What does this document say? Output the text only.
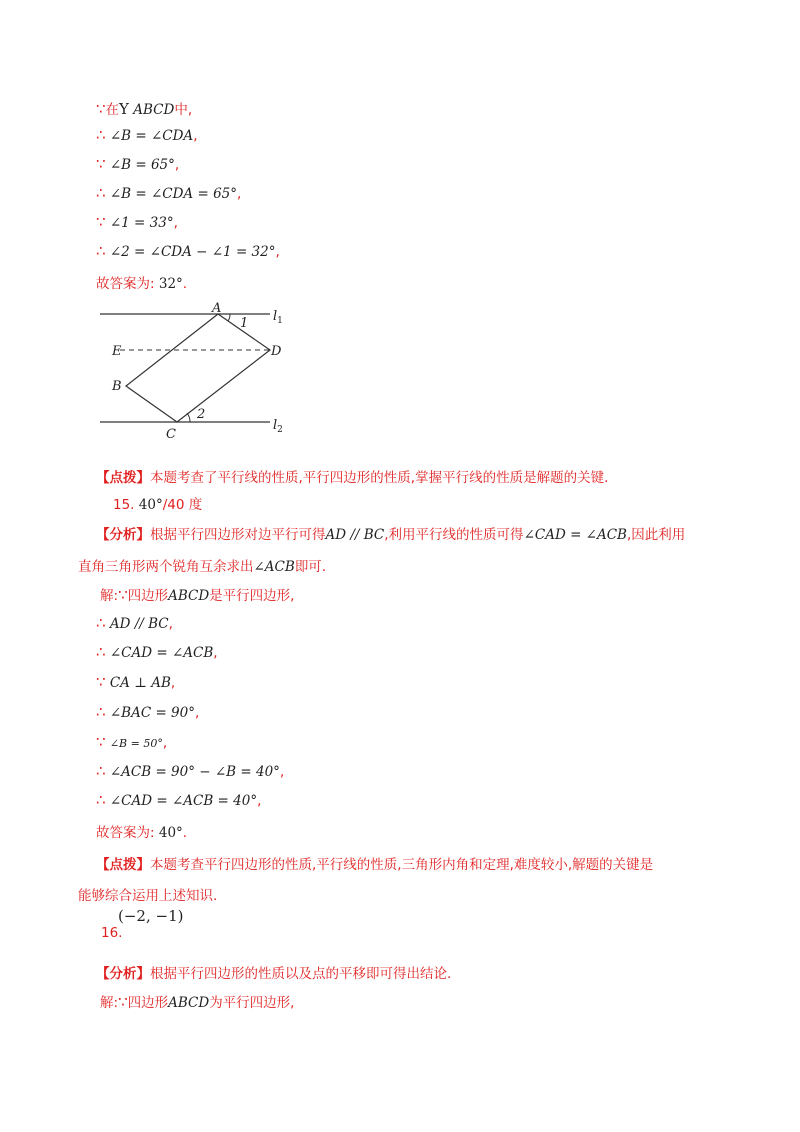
∵在Y ABCD中,
∴ ∠B = ∠CDA,
∵ ∠B = 65°,
∴ ∠B = ∠CDA = 65°,
∵ ∠1 = 33°,
∴ ∠2 = ∠CDA − ∠1 = 32°,
故答案为: 32°.
A
B
C
D
E
$l_1$
$l_2$
1
2
【点拨】本题考查了平行线的性质,平行四边形的性质,掌握平行线的性质是解题的关键.
15. 40°/40 度
【分析】根据平行四边形对边平行可得AD // BC,利用平行线的性质可得∠CAD = ∠ACB,因此利用
直角三角形两个锐角互余求出∠ACB即可.
解:∵四边形ABCD是平行四边形,
∴ AD // BC,
∴ ∠CAD = ∠ACB,
∵ CA ⊥ AB,
∴ ∠BAC = 90°,
∵ ∠B = 50°,
∴ ∠ACB = 90° − ∠B = 40°,
∴ ∠CAD = ∠ACB = 40°,
故答案为: 40°.
【点拨】本题考查平行四边形的性质,平行线的性质,三角形内角和定理,难度较小,解题的关键是
能够综合运用上述知识.
(−2, −1)
16.
【分析】根据平行四边形的性质以及点的平移即可得出结论.
解:∵四边形ABCD为平行四边形,
